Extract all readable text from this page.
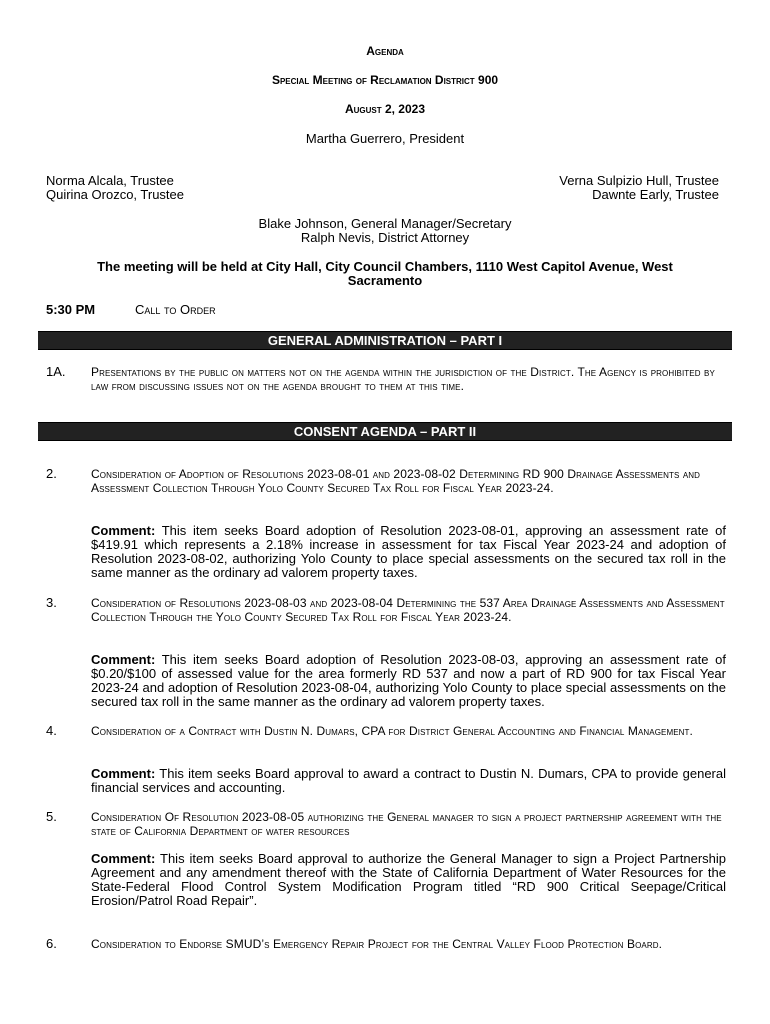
Agenda
Special Meeting of Reclamation District 900
August 2, 2023
Martha Guerrero, President
Norma Alcala, Trustee
Quirina Orozco, Trustee
Verna Sulpizio Hull, Trustee
Dawnte Early, Trustee
Blake Johnson, General Manager/Secretary
Ralph Nevis, District Attorney
The meeting will be held at City Hall, City Council Chambers, 1110 West Capitol Avenue, West Sacramento
5:30 PM	Call to Order
GENERAL ADMINISTRATION – PART I
1A. Presentations by the public on matters not on the agenda within the jurisdiction of the District. The Agency is prohibited by law from discussing issues not on the agenda brought to them at this time.
CONSENT AGENDA – PART II
2.	Consideration of Adoption of Resolutions 2023-08-01 and 2023-08-02 Determining RD 900 Drainage Assessments and Assessment Collection Through Yolo County Secured Tax Roll for Fiscal Year 2023-24.
Comment: This item seeks Board adoption of Resolution 2023-08-01, approving an assessment rate of $419.91 which represents a 2.18% increase in assessment for tax Fiscal Year 2023-24 and adoption of Resolution 2023-08-02, authorizing Yolo County to place special assessments on the secured tax roll in the same manner as the ordinary ad valorem property taxes.
3.	Consideration of Resolutions 2023-08-03 and 2023-08-04 Determining the 537 Area Drainage Assessments and Assessment Collection Through the Yolo County Secured Tax Roll for Fiscal Year 2023-24.
Comment: This item seeks Board adoption of Resolution 2023-08-03, approving an assessment rate of $0.20/$100 of assessed value for the area formerly RD 537 and now a part of RD 900 for tax Fiscal Year 2023-24 and adoption of Resolution 2023-08-04, authorizing Yolo County to place special assessments on the secured tax roll in the same manner as the ordinary ad valorem property taxes.
4.	Consideration of a Contract with Dustin N. Dumars, CPA for District General Accounting and Financial Management.
Comment: This item seeks Board approval to award a contract to Dustin N. Dumars, CPA to provide general financial services and accounting.
5.	Consideration Of Resolution 2023-08-05 authorizing the General manager to sign a project partnership agreement with the state of California Department of water resources
Comment: This item seeks Board approval to authorize the General Manager to sign a Project Partnership Agreement and any amendment thereof with the State of California Department of Water Resources for the State-Federal Flood Control System Modification Program titled “RD 900 Critical Seepage/Critical Erosion/Patrol Road Repair”.
6.	Consideration to Endorse SMUD’s Emergency Repair Project for the Central Valley Flood Protection Board.
